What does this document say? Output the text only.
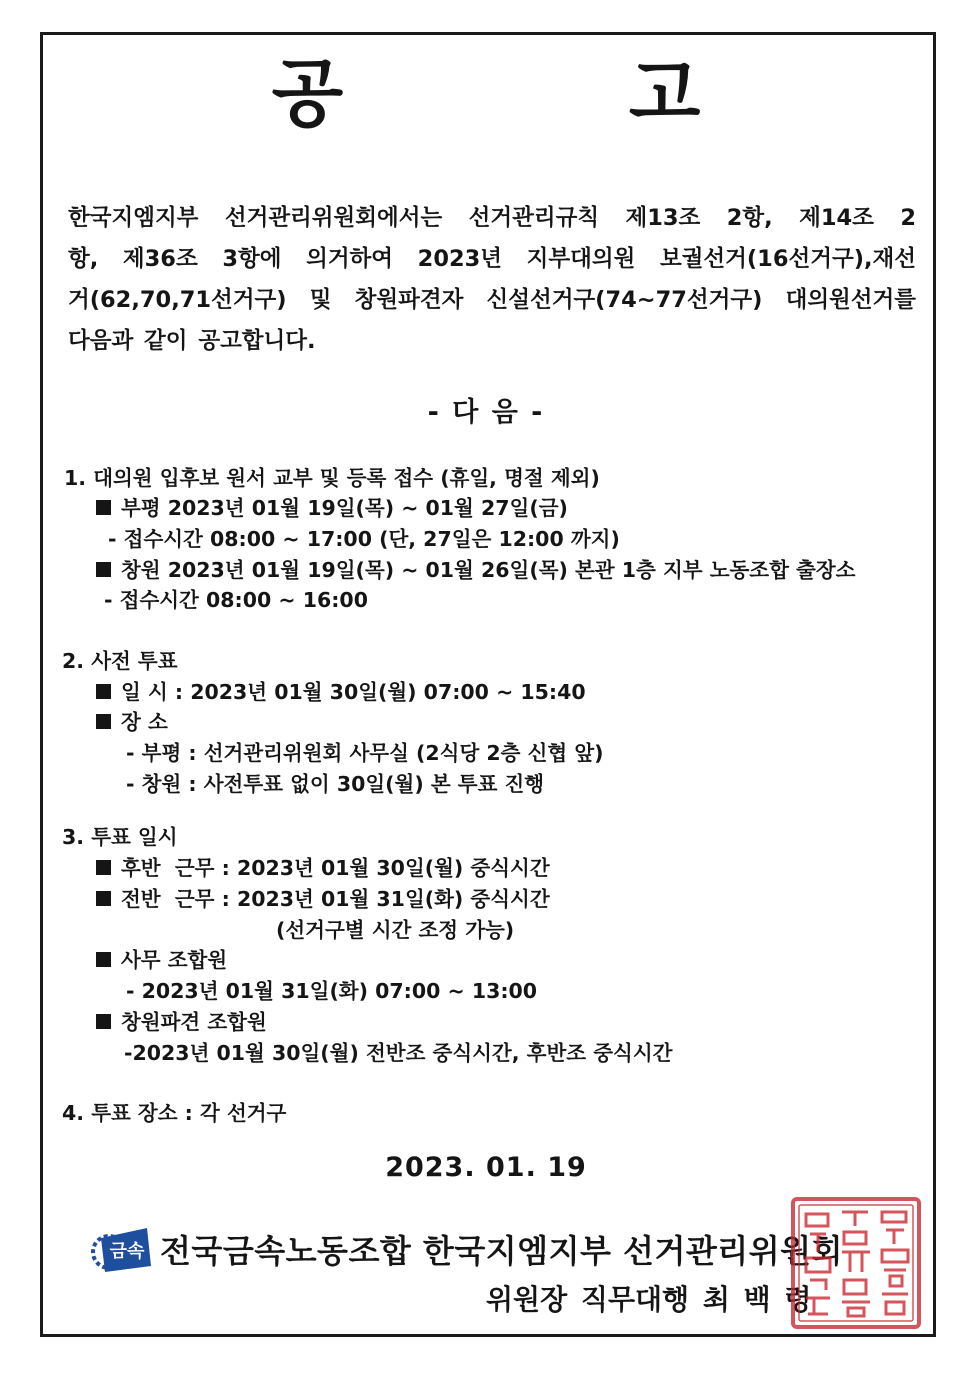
공 고
한국지엠지부 선거관리위원회에서는 선거관리규칙 제13조 2항, 제14조 2
항, 제36조 3항에 의거하여 2023년 지부대의원 보궐선거(16선거구),재선
거(62,70,71선거구) 및 창원파견자 신설선거구(74~77선거구) 대의원선거를
다음과 같이 공고합니다.
- 다 음 -
1. 대의원 입후보 원서 교부 및 등록 접수 (휴일, 명절 제외)
부평 2023년 01월 19일(목) ~ 01월 27일(금)
- 접수시간 08:00 ~ 17:00 (단, 27일은 12:00 까지)
창원 2023년 01월 19일(목) ~ 01월 26일(목) 본관 1층 지부 노동조합 출장소
- 접수시간 08:00 ~ 16:00
2. 사전 투표
일 시 : 2023년 01월 30일(월) 07:00 ~ 15:40
장 소
- 부평 : 선거관리위원회 사무실 (2식당 2층 신협 앞)
- 창원 : 사전투표 없이 30일(월) 본 투표 진행
3. 투표 일시
후반  근무 : 2023년 01월 30일(월) 중식시간
전반  근무 : 2023년 01월 31일(화) 중식시간
(선거구별 시간 조정 가능)
사무 조합원
- 2023년 01월 31일(화) 07:00 ~ 13:00
창원파견 조합원
-2023년 01월 30일(월) 전반조 중식시간, 후반조 중식시간
4. 투표 장소 : 각 선거구
2023. 01. 19
금속 전국금속노동조합 한국지엠지부 선거관리위원회
위원장 직무대행 최 백 령
